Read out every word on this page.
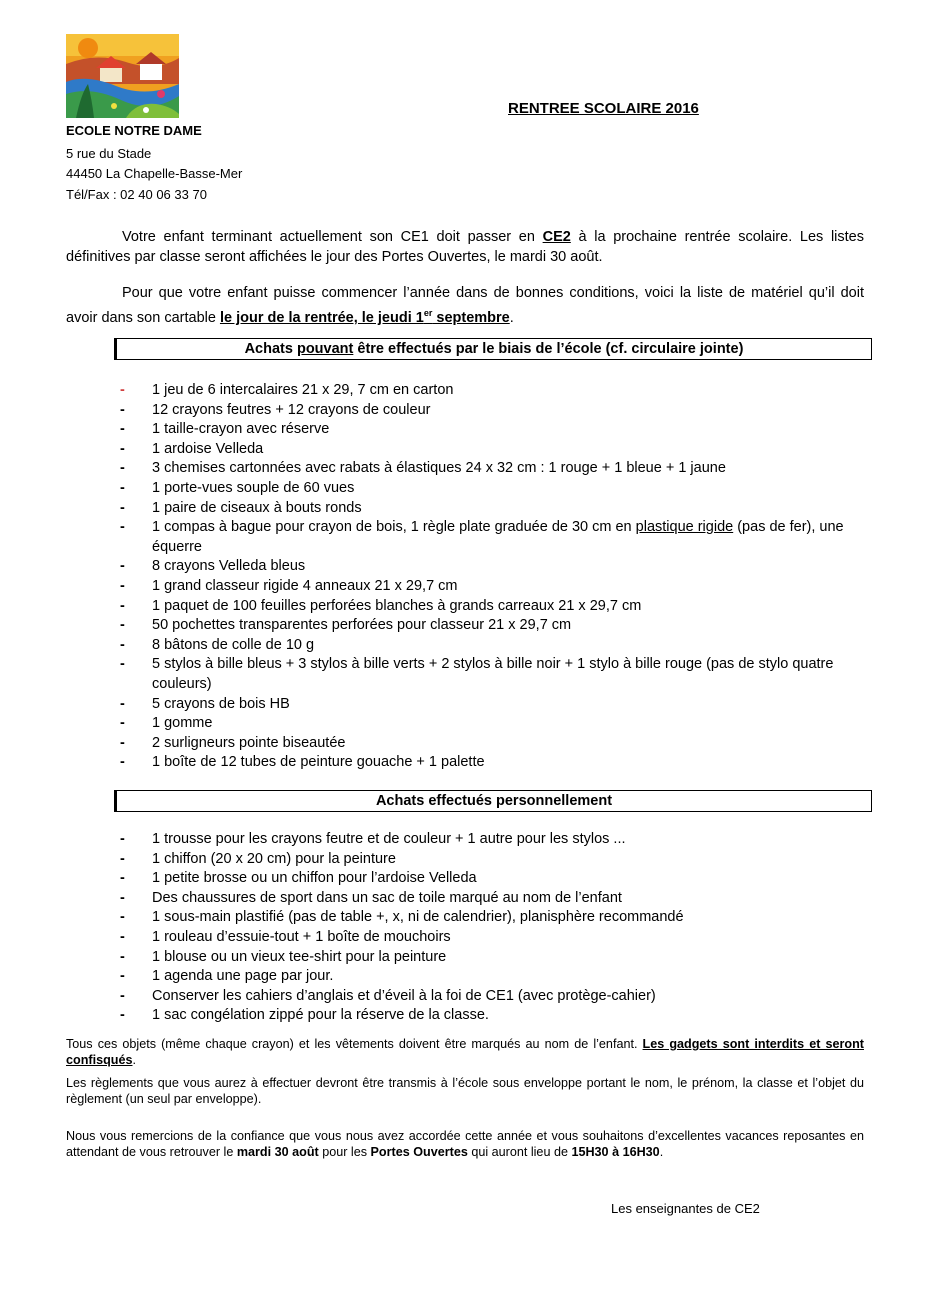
RENTREE SCOLAIRE 2016
ECOLE NOTRE DAME
5 rue du Stade
44450 La Chapelle-Basse-Mer
Tél/Fax : 02 40 06 33 70

Votre enfant terminant actuellement son CE1 doit passer en CE2 à la prochaine rentrée scolaire. Les listes définitives par classe seront affichées le jour des Portes Ouvertes, le mardi 30 août.

Pour que votre enfant puisse commencer l’année dans de bonnes conditions, voici la liste de matériel qu’il doit avoir dans son cartable le jour de la rentrée, le jeudi 1er septembre.

Achats pouvant être effectués par le biais de l’école (cf. circulaire jointe)
- 1 jeu de 6 intercalaires 21 x 29, 7 cm en carton
- 12 crayons feutres + 12 crayons de couleur
- 1 taille-crayon avec réserve
- 1 ardoise Velleda
- 3 chemises cartonnées avec rabats à élastiques 24 x 32 cm : 1 rouge + 1 bleue + 1 jaune
- 1 porte-vues souple de 60 vues
- 1 paire de ciseaux à bouts ronds
- 1 compas à bague pour crayon de bois, 1 règle plate graduée de 30 cm en plastique rigide (pas de fer), une équerre
- 8 crayons Velleda bleus
- 1 grand classeur rigide 4 anneaux 21 x 29,7 cm
- 1 paquet de 100 feuilles perforées blanches à grands carreaux 21 x 29,7 cm
- 50 pochettes transparentes perforées pour classeur 21 x 29,7 cm
- 8 bâtons de colle de 10 g
- 5 stylos à bille bleus + 3 stylos à bille verts + 2 stylos à bille noir + 1 stylo à bille rouge (pas de stylo quatre couleurs)
- 5 crayons de bois HB
- 1 gomme
- 2 surligneurs pointe biseautée
- 1 boîte de 12 tubes de peinture gouache + 1 palette
Achats effectués personnellement
- 1 trousse pour les crayons feutre et de couleur + 1 autre pour les stylos ...
- 1 chiffon (20 x 20 cm) pour la peinture
- 1 petite brosse ou un chiffon pour l’ardoise Velleda
- Des chaussures de sport dans un sac de toile marqué au nom de l’enfant
- 1 sous-main plastifié (pas de table +, x, ni de calendrier), planisphère recommandé
- 1 rouleau d’essuie-tout + 1 boîte de mouchoirs
- 1 blouse ou un vieux tee-shirt pour la peinture
- 1 agenda une page par jour.
- Conserver les cahiers d’anglais et d’éveil à la foi de CE1 (avec protège-cahier)
- 1 sac congélation zippé pour la réserve de la classe.

Tous ces objets (même chaque crayon) et les vêtements doivent être marqués au nom de l’enfant. Les gadgets sont interdits et seront confisqués.

Les règlements que vous aurez à effectuer devront être transmis à l’école sous enveloppe portant le nom, le prénom, la classe et l’objet du règlement (un seul par enveloppe).

Nous vous remercions de la confiance que vous nous avez accordée cette année et vous souhaitons d’excellentes vacances reposantes en attendant de vous retrouver le mardi 30 août pour les Portes Ouvertes qui auront lieu de 15H30 à 16H30.

Les enseignantes de CE2
